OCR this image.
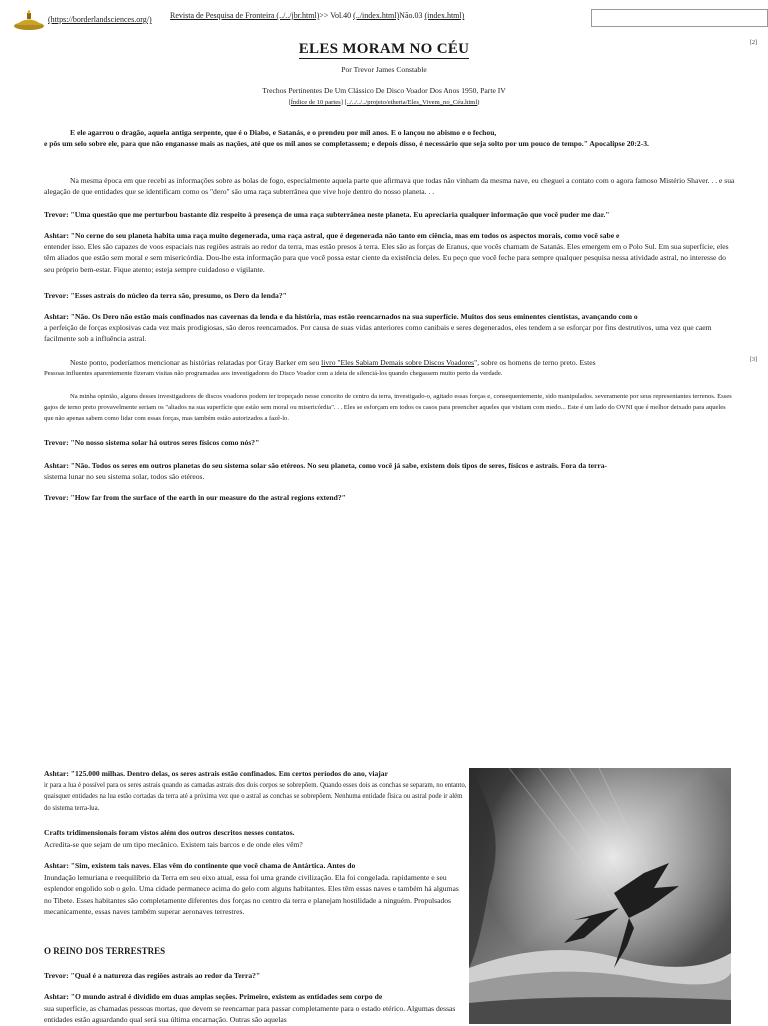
(https://borderlandsciences.org/) Revista de Pesquisa de Fronteira (../../jbr.html)>> Vol.40 (../index.html)Não.03 (index.html)
ELES MORAM NO CÉU	[2]
Por Trevor James Constable
Trechos Pertinentes De Um Clássico De Disco Voador Dos Anos 1950, Parte IV
[Índice de 10 partes] [../../../../projeto/etheria/Eles_Vivem_no_Céu.html)

E ele agarrou o dragão, aquela antiga serpente, que é o Diabo, e Satanás, e o prendeu por mil anos. E o lançou no abismo e o fechou,
e pôs um selo sobre ele, para que não enganasse mais as nações, até que os mil anos se completassem; e depois disso, é necessário que seja solto por um pouco de tempo." Apocalipse 20:2-3.

Na mesma época em que recebi as informações sobre as bolas de fogo, especialmente aquela parte que afirmava que todas não vinham da mesma nave, eu cheguei a contato com o agora famoso Mistério Shaver. . . e sua alegação de que entidades que se identificam como os "dero" são uma raça subterrânea que vive hoje dentro do nosso planeta. . .

Trevor: "Uma questão que me perturbou bastante diz respeito à presença de uma raça subterrânea neste planeta. Eu apreciaria qualquer informação que você puder me dar."

Ashtar: "No cerne do seu planeta habita uma raça muito degenerada, uma raça astral, que é degenerada não tanto em ciência, mas em todos os aspectos morais, como você sabe e
entender isso. Eles são capazes de voos espaciais nas regiões astrais ao redor da terra, mas estão presos à terra. Eles são as forças de Eranus, que vocês chamam de Satanás. Eles emergem em o Polo Sul. Em sua superfície, eles têm aliados que estão sem moral e sem misericórdia. Dou-lhe esta informação para que você possa estar ciente da existência deles. Eu peço que você feche para sempre qualquer pesquisa nessa atividade astral, no interesse do seu próprio bem-estar. Fique atento; esteja sempre cuidadoso e vigilante.

Trevor: "Esses astrais do núcleo da terra são, presumo, os Dero da lenda?"

Ashtar: "Não. Os Dero não estão mais confinados nas cavernas da lenda e da história, mas estão reencarnados na sua superfície. Muitos dos seus eminentes cientistas, avançando com o
a perfeição de forças explosivas cada vez mais prodigiosas, são deros reencarnados. Por causa de suas vidas anteriores como canibais e seres degenerados, eles tendem a se esforçar por fins destrutivos, uma vez que caem facilmente sob a influência astral.

Neste ponto, poderíamos mencionar as histórias relatadas por Gray Barker em seu livro "Eles Sabiam Demais sobre Discos Voadores", sobre os homens de terno preto. Estes
Pessoas influentes aparentemente fizeram visitas não programadas aos investigadores do Disco Voador com a ideia de silenciá-los quando chegassem muito perto da verdade.

[3]

Na minha opinião, alguns desses investigadores de discos voadores podem ter tropeçado nesse conceito de centro da terra, investigado-o, agitado essas forças e, consequentemente, sido manipulados. severamente por seus representantes terrenos. Esses gajos de terno preto provavelmente seriam os "aliados na sua superfície que estão sem moral ou misericórdia". . . Eles se esforçam em todos os casos para preencher aqueles que visitam com medo... Este é um lado do OVNI que é melhor deixado para aqueles que não apenas sabem como lidar com essas forças, mas também estão autorizados a fazê-lo.

Trevor: "No nosso sistema solar há outros seres físicos como nós?"

Ashtar: "Não. Todos os seres em outros planetas do seu sistema solar são etéreos. No seu planeta, como você já sabe, existem dois tipos de seres, físicos e astrais. Fora da terra-
sistema lunar no seu sistema solar, todos são etéreos.

Trevor: "How far from the surface of the earth in our measure do the astral regions extend?"

Ashtar: "125.000 milhas. Dentro delas, os seres astrais estão confinados. Em certos períodos do ano, viajar
ir para a lua é possível para os seres astrais quando as camadas astrais dos dois corpos se sobrepõem. Quando esses dois as conchas se separam, no entanto, quaisquer entidades na lua estão cortadas da terra até a próxima vez que o astral as conchas se sobrepõem. Nenhuma entidade física ou astral pode ir além do sistema terra-lua.

Crafts tridimensionais foram vistos além dos outros descritos nesses contatos.
Acredita-se que sejam de um tipo mecânico. Existem tais barcos e de onde eles vêm?

Ashtar: "Sim, existem tais naves. Elas vêm do continente que você chama de Antártica. Antes do
Inundação lemuriana e reequilíbrio da Terra em seu eixo atual, essa foi uma grande civilização. Ela foi congelada. rapidamente e seu esplendor engolido sob o gelo. Uma cidade permanece acima do gelo com alguns habitantes. Eles têm essas naves e também há algumas no Tibete. Esses habitantes são completamente diferentes dos forças no centro da terra e planejam hostilidade a ninguém. Propulsados mecanicamente, essas naves também superar aeronaves terrestres.

O REINO DOS TERRESTRES

Trevor: "Qual é a natureza das regiões astrais ao redor da Terra?"

Ashtar: "O mundo astral é dividido em duas amplas seções. Primeiro, existem as entidades sem corpo de
sua superfície, as chamadas pessoas mortas, que devem se reencarnar para passar completamente para o estado etérico. Algumas dessas entidades estão aguardando qual será sua última encarnação. Outras são aquelas
